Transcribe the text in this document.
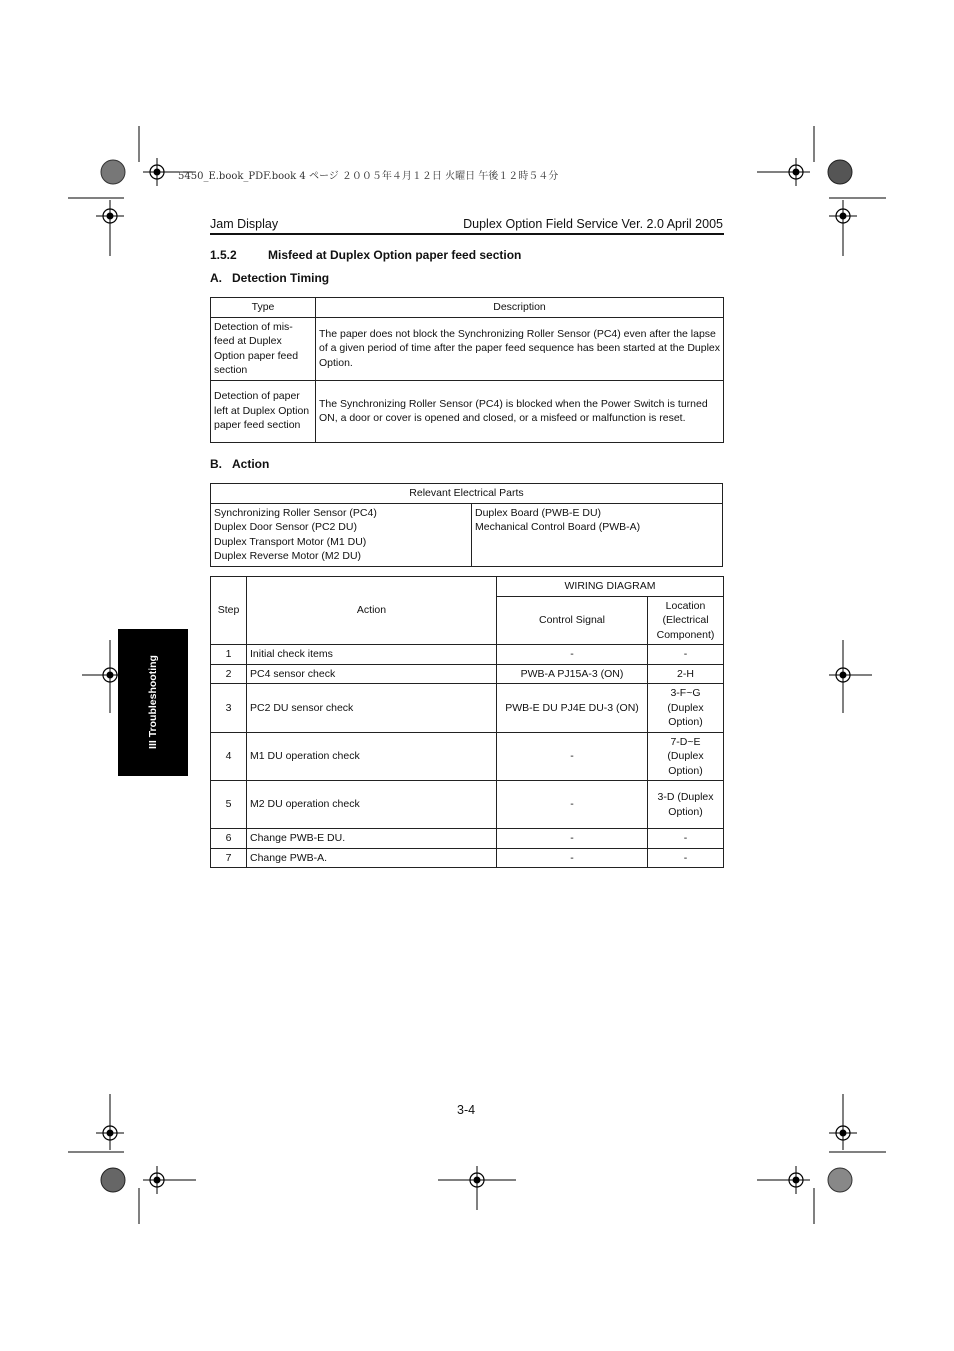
5450_E.book_PDF.book 4 ページ ２００５年４月１２日 火曜日 午後１２時５４分
Jam Display	Duplex Option Field Service Ver. 2.0 April 2005
1.5.2	Misfeed at Duplex Option paper feed section
A. Detection Timing
Type	Description
Detection of mis-feed at Duplex Option paper feed section	The paper does not block the Synchronizing Roller Sensor (PC4) even after the lapse of a given period of time after the paper feed sequence has been started at the Duplex Option.
Detection of paper left at Duplex Option paper feed section	The Synchronizing Roller Sensor (PC4) is blocked when the Power Switch is turned ON, a door or cover is opened and closed, or a misfeed or malfunction is reset.
B. Action
Relevant Electrical Parts

Synchronizing Roller Sensor (PC4)
Duplex Door Sensor (PC2 DU)
Duplex Transport Motor (M1 DU)
Duplex Reverse Motor (M2 DU)

Duplex Board (PWB-E DU)
Mechanical Control Board (PWB-A)
Step	Action	WIRING DIAGRAM	
		Control Signal	Location (Electrical Component)
1	Initial check items	-	-
2	PC4 sensor check	PWB-A PJ15A-3 (ON)	2-H
3	PC2 DU sensor check	PWB-E DU PJ4E DU-3 (ON)	3-F~G (Duplex Option)
4	M1 DU operation check	-	7-D~E (Duplex Option)
5	M2 DU operation check	-	3-D (Duplex Option)
6	Change PWB-E DU.	-	-
7	Change PWB-A.	-	-
III Troubleshooting
3-4
